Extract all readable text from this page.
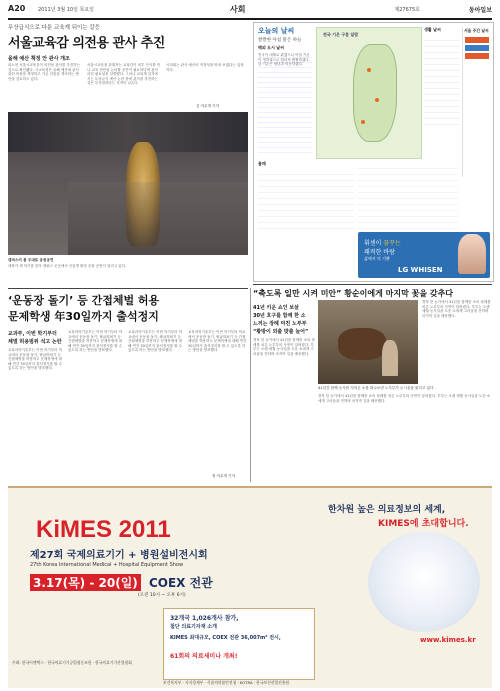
A20	2011년 3월 10일 목요일	사회	제27675호	동아일보
무상급식으로 다툰 교육계 뒤이는 갈등
서울교육감 의전용 관사 추진
올해 예산 책정 안 관사 개조
곽노현 서울시교육감이 의전용 관사를 추진하는 것으로 확인됐다. 시교육청은 올해 예산에 관사 관련 비용을 책정하고 기존 건물을 개조하는 방안을 검토하고 있다.
서울시교육청 관계자는 교육감이 외부 인사를 만나 교육 현안을 논의할 공간이 필요하다며 관사 마련 필요성을 설명했다. 그러나 교육계 일각에서는 무상급식 예산 논란 중에 관사를 추진하는 것은 부적절하다는 지적이 나온다.
시의회는 관사 예산의 적정성을 따져 보겠다는 입장이다.
김 아무개 기자
캠퍼스의 봄 무대로 응원공연
대학가 새 학기를 맞아 캠퍼스 곳곳에서 신입생 환영 응원 공연이 열리고 있다.
오늘의 날씨
쌀쌀한 아침 맑은 하늘
해외 도시 날씨
전국이 대체로 맑겠으나 아침 기온이 영하권으로 떨어져 쌀쌀하겠다. 낮 기온은 평년과 비슷하겠다.
전국 기온 구분 일람
생활 날씨	서울 주간 날씨
물때
휘센이 꿈꾸는
쾌적한 바람
삶에서 의 기쁨
LG WHISEN
“축도록 일만 시켜 미안” 황순이에게 마지막 꽃을 갖추다
41년 키운 쇼인 보살
30년 호구를 함께 한 소
느끼는 장례 마친 노부부
“황방이 외출 맞출 늘어”
41년간 함께 농사를 지어온 소를 떠나보낸 노부부가 눈시울을 붉히고 있다.
경북 한 농가에서 41년을 함께한 소의 장례를 치른 노부부의 사연이 알려졌다. 부부는 오랜 세월 농사일을 도운 소에게 고마움을 전하며 마지막 길을 배웅했다.
경북 한 농가에서 41년을 함께한 소의 장례를 치른 노부부의 사연이 알려졌다. 부부는 오랜 세월 농사일을 도운 소에게 고마움을 전하며 마지막 길을 배웅했다.
경북 한 농가에서 41년을 함께한 소의 장례를 치른 노부부의 사연이 알려졌다. 부부는 오랜 세월 농사일을 도운 소에게 고마움을 전하며 마지막 길을 배웅했다.
‘운동장 돌기’ 등 간접체벌 허용
문제학생 年30일까지 출석정지
교과부, 이번 학기부터
체벌 허용범위 석고 논란
교육과학기술부는 이번 학기부터 학교에서 운동장 돌기, 팔굽혀펴기 등 간접체벌을 허용하고 문제학생에 대해 연간 30일까지 출석정지를 할 수 있도록 하는 방안을 발표했다.
교육과학기술부는 이번 학기부터 학교에서 운동장 돌기, 팔굽혀펴기 등 간접체벌을 허용하고 문제학생에 대해 연간 30일까지 출석정지를 할 수 있도록 하는 방안을 발표했다.
교육과학기술부는 이번 학기부터 학교에서 운동장 돌기, 팔굽혀펴기 등 간접체벌을 허용하고 문제학생에 대해 연간 30일까지 출석정지를 할 수 있도록 하는 방안을 발표했다.
교육과학기술부는 이번 학기부터 학교에서 운동장 돌기, 팔굽혀펴기 등 간접체벌을 허용하고 문제학생에 대해 연간 30일까지 출석정지를 할 수 있도록 하는 방안을 발표했다.
정 아무개 기자
KiMES 2011
제27회 국제의료기기 + 병원설비전시회
27th Korea International Medical + Hospital Equipment Show
3.17(목) - 20(일) COEX 전관
(오전 10시 ~ 오후 6시)
32개국 1,026개사 참가,
첨단 의료기자재 소개
KIMES 최대규모, COEX 전관 36,007m² 전시,
61회의 의료세미나 개최!
한차원 높은 의료정보의 세계,
KIMES에 초대합니다.
www.kimes.kr
주최: 한국이앤엑스 · 한국의료기기공업협동조합 · 한국의료기기산업협회
보건복지부 · 지식경제부 · 식품의약품안전청 · KOTRA · 한국보건산업진흥원
